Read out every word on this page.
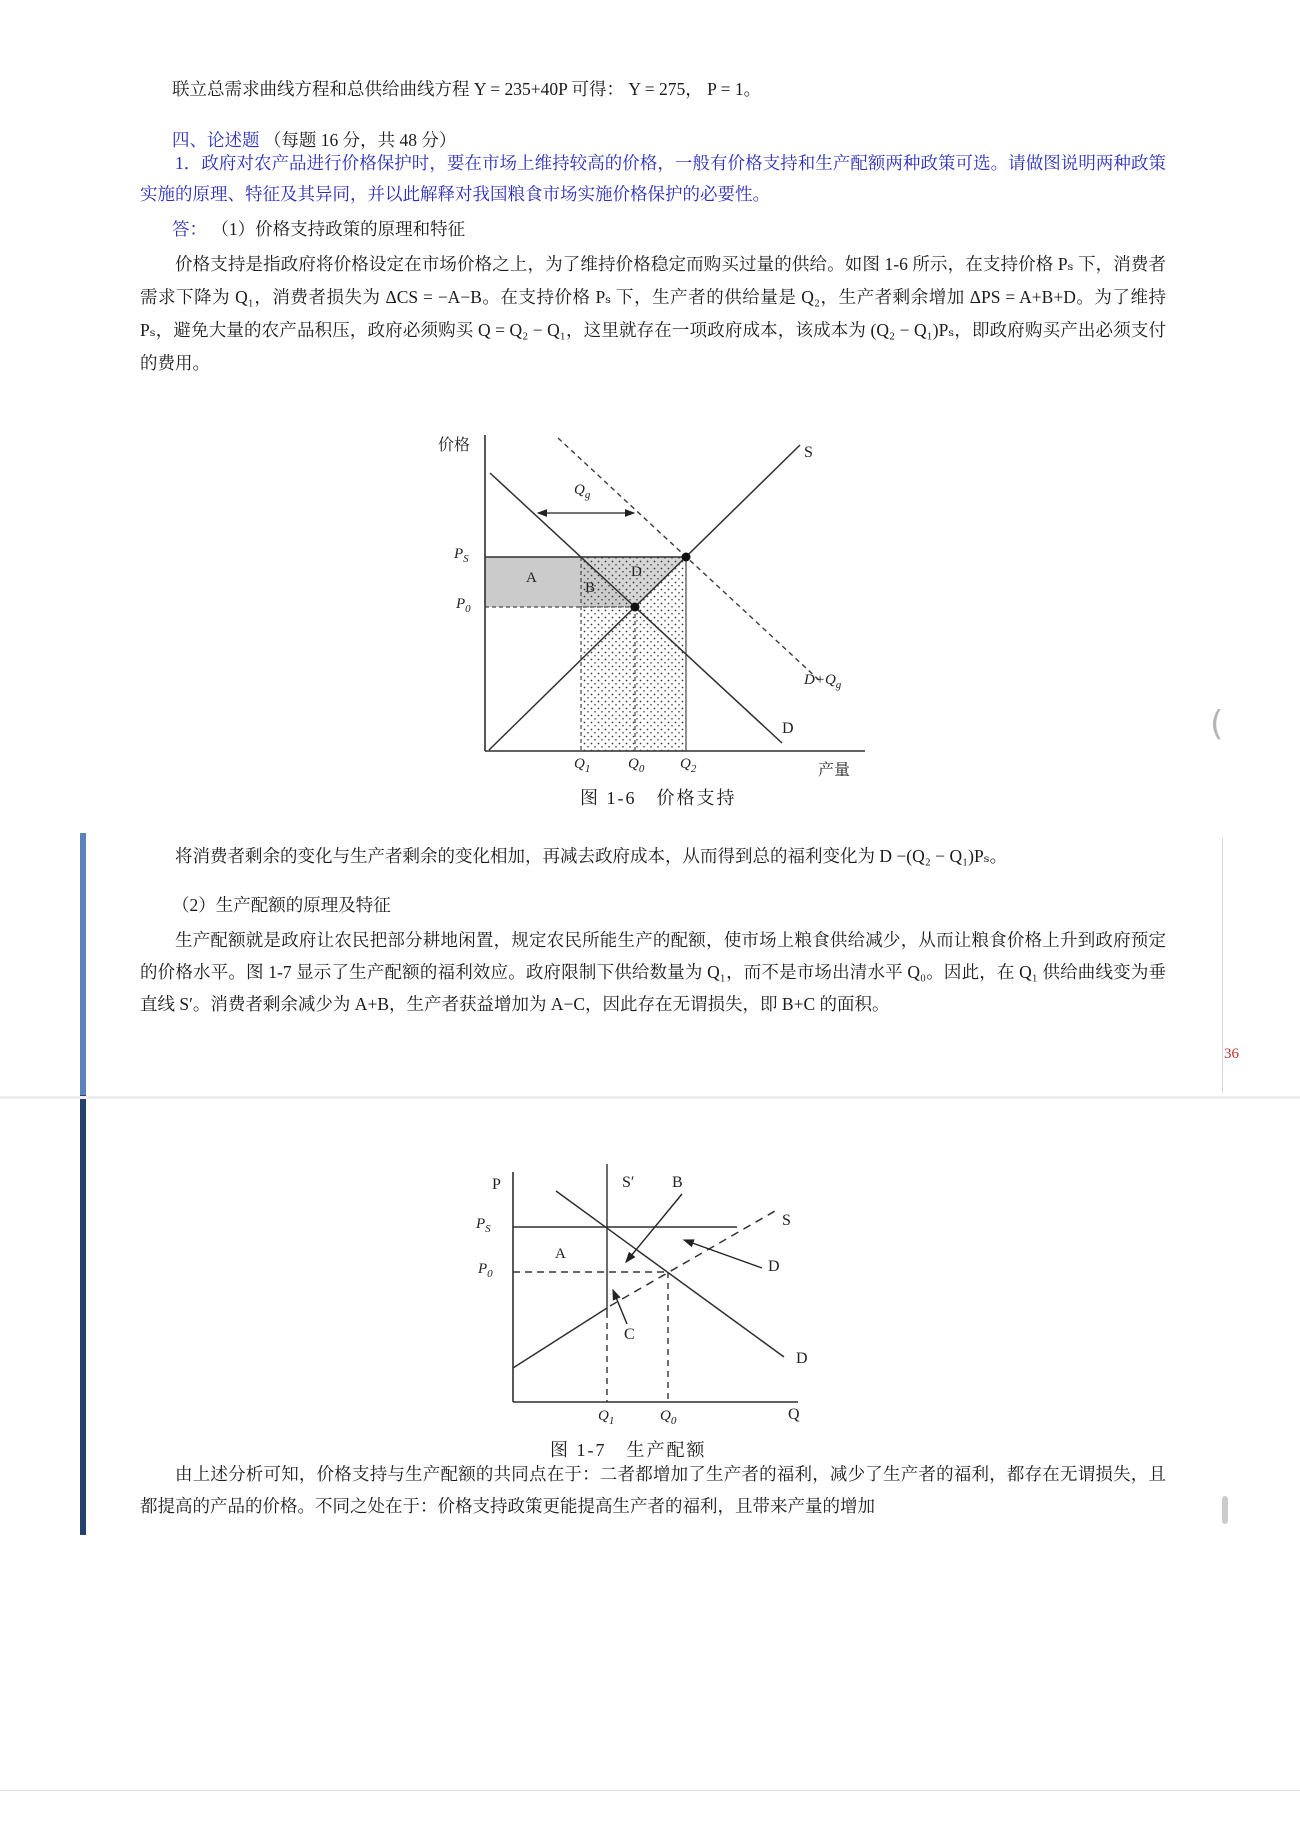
联立总需求曲线方程和总供给曲线方程 Y = 235+40P 可得： Y = 275， P = 1。

四、论述题 （每题 16 分，共 48 分）

1．政府对农产品进行价格保护时，要在市场上维持较高的价格，一般有价格支持和生产配额两种政策可选。请做图说明两种政策实施的原理、特征及其异同，并以此解释对我国粮食市场实施价格保护的必要性。

答： （1）价格支持政策的原理和特征

价格支持是指政府将价格设定在市场价格之上，为了维持价格稳定而购买过量的供给。如图 1-6 所示，在支持价格 Pₛ 下，消费者需求下降为 Q₁，消费者损失为 ΔCS = −A−B。在支持价格 Pₛ 下，生产者的供给量是 Q₂，生产者剩余增加 ΔPS = A+B+D。为了维持 Pₛ，避免大量的农产品积压，政府必须购买 Q = Q₂ − Q₁，这里就存在一项政府成本，该成本为 (Q₂ − Q₁)Pₛ，即政府购买产出必须支付的费用。

价格
$P_S$
$P_0$
$Q_g$
A
B
D
S
D
$D+Q_g$
$Q_1$	$Q_0$ $Q_2$	产量
图 1-6　价格支持

将消费者剩余的变化与生产者剩余的变化相加，再减去政府成本，从而得到总的福利变化为 D −(Q₂ − Q₁)Pₛ。

（2）生产配额的原理及特征

生产配额就是政府让农民把部分耕地闲置，规定农民所能生产的配额，使市场上粮食供给减少，从而让粮食价格上升到政府预定的价格水平。图 1-7 显示了生产配额的福利效应。政府限制下供给数量为 Q₁，而不是市场出清水平 Q₀。因此，在 Q₁ 供给曲线变为垂直线 S′。消费者剩余减少为 A+B，生产者获益增加为 A−C，因此存在无谓损失，即 B+C 的面积。

36
P
$P_S$
$P_0$
S′ B
S
D
A
C
D
$Q_1$	$Q_0$	Q
图 1-7　生产配额

由上述分析可知，价格支持与生产配额的共同点在于：二者都增加了生产者的福利，减少了生产者的福利，都存在无谓损失，且都提高的产品的价格。不同之处在于：价格支持政策更能提高生产者的福利，且带来产量的增加

(
